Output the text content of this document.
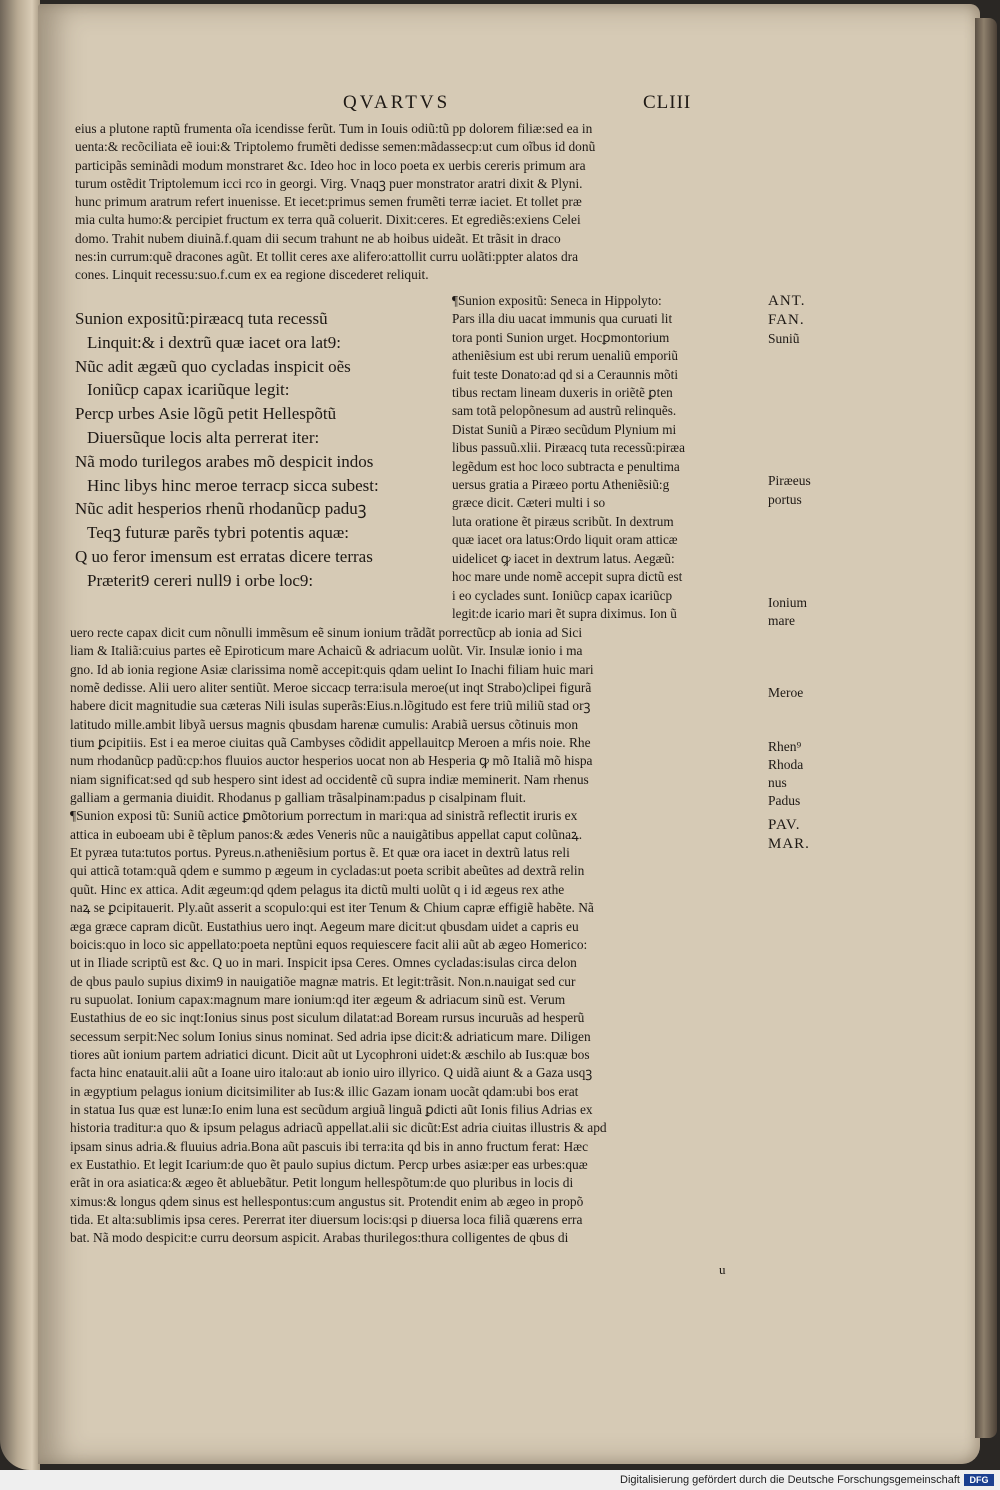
QVARTVS	CLIII
eius a plutone raptũ frumenta oĩa icendisse ferũt. Tum in Iouis odiũ:tũ pp dolorem filiæ:sed ea in
uenta:& recõciliata eẽ ioui:& Triptolemo frumẽti dedisse semen:mãdassecp:ut cum oĩbus id donũ
participãs seminãdi modum monstraret &c. Ideo hoc in loco poeta ex uerbis cereris primum ara
turum ostẽdit Triptolemum icci rco in georgi. Virg. Vnaqꝫ puer monstrator aratri dixit & Plyni.
hunc primum aratrum refert inuenisse. Et iecet:primus semen frumẽti terræ iaciet. Et tollet præ
mia culta humo:& percipiet fructum ex terra quã coluerit. Dixit:ceres. Et egrediẽs:exiens Celei
domo. Trahit nubem diuinã.f.quam dii secum trahunt ne ab hoibus uideãt. Et trãsit in draco
nes:in currum:quẽ dracones agũt. Et tollit ceres axe alifero:attollit curru uolãti:ppter alatos dra
cones. Linquit recessu:suo.f.cum ex ea regione discederet reliquit.
Sunion expositũ:piræacq tuta recessũ
Linquit:& i dextrũ quæ iacet ora lat9:
Nũc adit ægæũ quo cycladas inspicit oẽs
Ioniũcp capax icariũque legit:
Percp urbes Asie lõgũ petit Hellespõtũ
Diuersũque locis alta perrerat iter:
Nã modo turilegos arabes mõ despicit indos
Hinc libys hinc meroe terracp sicca subest:
Nũc adit hesperios rhenũ rhodanũcp paduꝫ
Teqꝫ futuræ parẽs tybri potentis aquæ:
Q uo feror imensum est erratas dicere terras
Præterit9 cereri null9 i orbe loc9:
¶Sunion expositũ: Seneca in Hippolyto:
Pars illa diu uacat immunis qua curuati lit
tora ponti Sunion urget. Hocꝑmontorium
atheniẽsium est ubi rerum uenaliũ emporiũ
fuit teste Donato:ad qd si a Ceraunnis mõti
tibus rectam lineam duxeris in oriẽtẽ ꝑten
sam totã pelopõnesum ad austrũ relinquẽs.
Distat Suniũ a Piræo secũdum Plynium mi
libus passuũ.xlii. Piræacq tuta recessũ:piræa
legẽdum est hoc loco subtracta e penultima
uersus gratia a Piræeo portu Atheniẽsiũ:g
græce dicit. Cæteri multi i so
luta oratione ẽt piræus scribũt. In dextrum
quæ iacet ora latus:Ordo liquit oram atticæ
uidelicet ꝙ iacet in dextrum latus. Aegæũ:
hoc mare unde nomẽ accepit supra dictũ est
i eo cyclades sunt. Ioniũcp capax icariũcp
legit:de icario mari ẽt supra diximus. Ion ũ
uero recte capax dicit cum nõnulli immẽsum eẽ sinum ionium trãdãt porrectũcp ab ionia ad Sici
liam & Italiã:cuius partes eẽ Epiroticum mare Achaicũ & adriacum uolũt. Vir. Insulæ ionio i ma
gno. Id ab ionia regione Asiæ clarissima nomẽ accepit:quis qdam uelint Io Inachi filiam huic mari
nomẽ dedisse. Alii uero aliter sentiũt. Meroe siccacp terra:isula meroe(ut inqt Strabo)clipei figurã
habere dicit magnitudie sua cæteras Nili isulas superãs:Eius.n.lõgitudo est fere triũ miliũ stad orꝫ
latitudo mille.ambit libyã uersus magnis qbusdam harenæ cumulis: Arabiã uersus cõtinuis mon
tium ꝑcipitiis. Est i ea meroe ciuitas quã Cambyses cõdidit appellauitcp Meroen a mŕis noie. Rhe
num rhodanũcp padũ:cp:hos fluuios auctor hesperios uocat non ab Hesperia ꝙ mõ Italiã mõ hispa
niam significat:sed qd sub hespero sint idest ad occidentẽ cũ supra indiæ meminerit. Nam rhenus
galliam a germania diuidit. Rhodanus p galliam trãsalpinam:padus p cisalpinam fluit.
¶Sunion exposi tũ: Suniũ actice ꝑmõtorium porrectum in mari:qua ad sinistrã reflectit iruris ex
attica in euboeam ubi ẽ tẽplum panos:& ædes Veneris nũc a nauigãtibus appellat caput colũnaꝝ.
Et pyræa tuta:tutos portus. Pyreus.n.atheniẽsium portus ẽ. Et quæ ora iacet in dextrũ latus reli
qui atticã totam:quã qdem e summo p ægeum in cycladas:ut poeta scribit abeũtes ad dextrã relin
quũt. Hinc ex attica. Adit ægeum:qd qdem pelagus ita dictũ multi uolũt q i id ægeus rex athe
naꝝ se ꝑcipitauerit. Ply.aũt asserit a scopulo:qui est iter Tenum & Chium capræ effigiẽ habẽte. Nã
æga græce capram dicũt. Eustathius uero inqt. Aegeum mare dicit:ut qbusdam uidet a capris eu
boicis:quo in loco sic appellato:poeta neptũni equos requiescere facit alii aũt ab ægeo Homerico:
ut in Iliade scriptũ est &c. Q uo in mari. Inspicit ipsa Ceres. Omnes cycladas:isulas circa delon
de qbus paulo supius dixim9 in nauigatiõe magnæ matris. Et legit:trãsit. Non.n.nauigat sed cur
ru supuolat. Ionium capax:magnum mare ionium:qd iter ægeum & adriacum sinũ est. Verum
Eustathius de eo sic inqt:Ionius sinus post siculum dilatat:ad Boream rursus incuruãs ad hesperũ
secessum serpit:Nec solum Ionius sinus nominat. Sed adria ipse dicit:& adriaticum mare. Diligen
tiores aũt ionium partem adriatici dicunt. Dicit aũt ut Lycophroni uidet:& æschilo ab Ius:quæ bos
facta hinc enatauit.alii aũt a Ioane uiro italo:aut ab ionio uiro illyrico. Q uidã aiunt & a Gaza usqꝫ
in ægyptium pelagus ionium dicitsimiliter ab Ius:& illic Gazam ionam uocãt qdam:ubi bos erat
in statua Ius quæ est lunæ:Io enim luna est secũdum argiuã linguã ꝑdicti aũt Ionis filius Adrias ex
historia traditur:a quo & ipsum pelagus adriacũ appellat.alii sic dicũt:Est adria ciuitas illustris & apd
ipsam sinus adria.& fluuius adria.Bona aũt pascuis ibi terra:ita qd bis in anno fructum ferat: Hæc
ex Eustathio. Et legit Icarium:de quo ẽt paulo supius dictum. Percp urbes asiæ:per eas urbes:quæ
erãt in ora asiatica:& ægeo ẽt abluebãtur. Petit longum hellespõtum:de quo pluribus in locis di
ximus:& longus qdem sinus est hellespontus:cum angustus sit. Protendit enim ab ægeo in propõ
tida. Et alta:sublimis ipsa ceres. Pererrat iter diuersum locis:qsi p diuersa loca filiã quærens erra
bat. Nã modo despicit:e curru deorsum aspicit. Arabas thurilegos:thura colligentes de qbus di
ANT.
FAN.
Suniũ
Piræeus
portus
Ionium
mare
Meroe
Rhen⁹
Rhoda
nus
Padus
PAV.
MAR.
u
Digitalisierung gefördert durch die Deutsche Forschungsgemeinschaft	DFG
